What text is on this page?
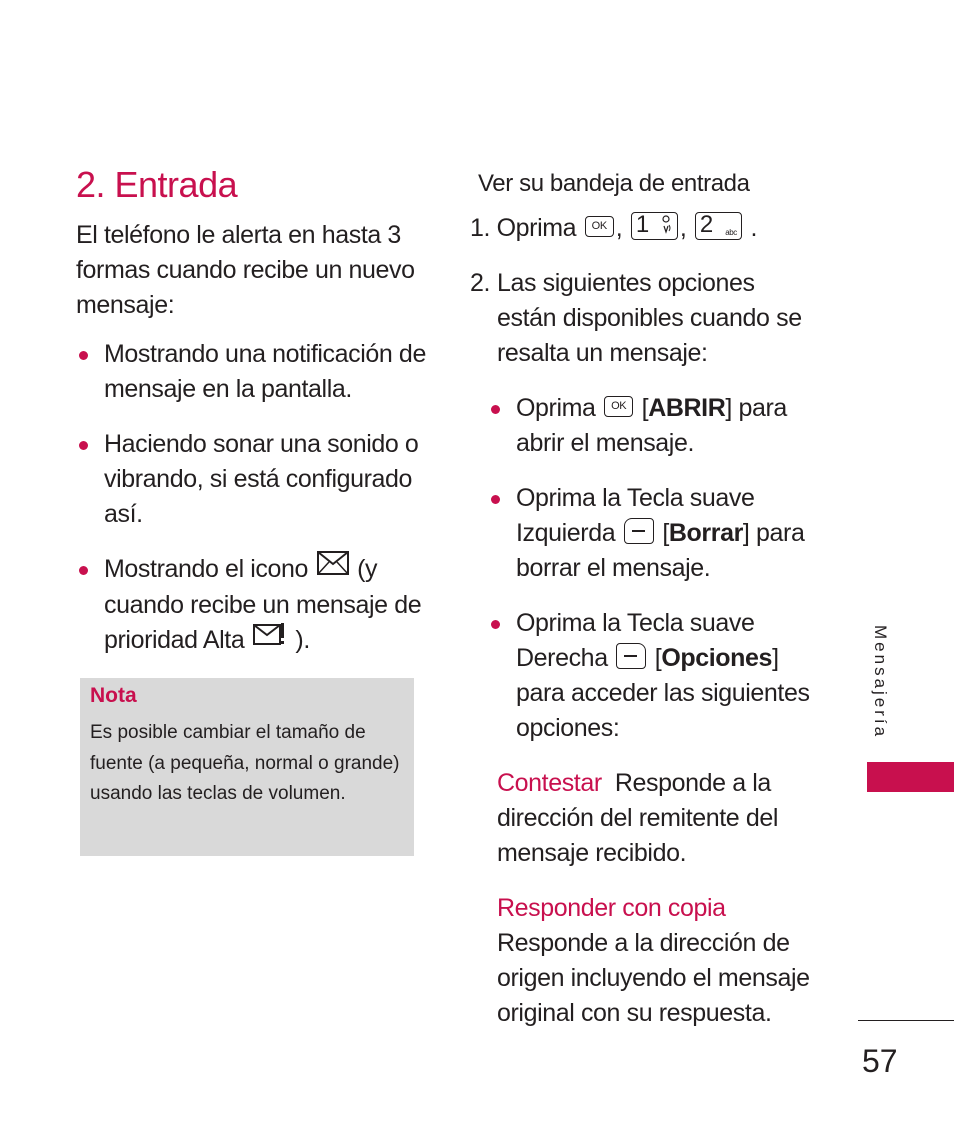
2. Entrada
El teléfono le alerta en hasta 3 formas cuando recibe un nuevo mensaje:
Mostrando una notificación de mensaje en la pantalla.
Haciendo sonar una sonido o vibrando, si está configurado así.
Mostrando el icono (y cuando recibe un mensaje de prioridad Alta ).
Nota
Es posible cambiar el tamaño de fuente (a pequeña, normal o grande) usando las teclas de volumen.
Ver su bandeja de entrada
1. Oprima OK , 1 , 2 abc .
2. Las siguientes opciones están disponibles cuando se resalta un mensaje:
Oprima OK [ABRIR] para abrir el mensaje.
Oprima la Tecla suave Izquierda
[Borrar] para borrar el mensaje.
Oprima la Tecla suave Derecha
[Opciones] para acceder las siguientes opciones:
Contestar Responde a la dirección del remitente del mensaje recibido.
Responder con copia
Responde a la dirección de origen incluyendo el mensaje original con su respuesta.
Mensajería
57
